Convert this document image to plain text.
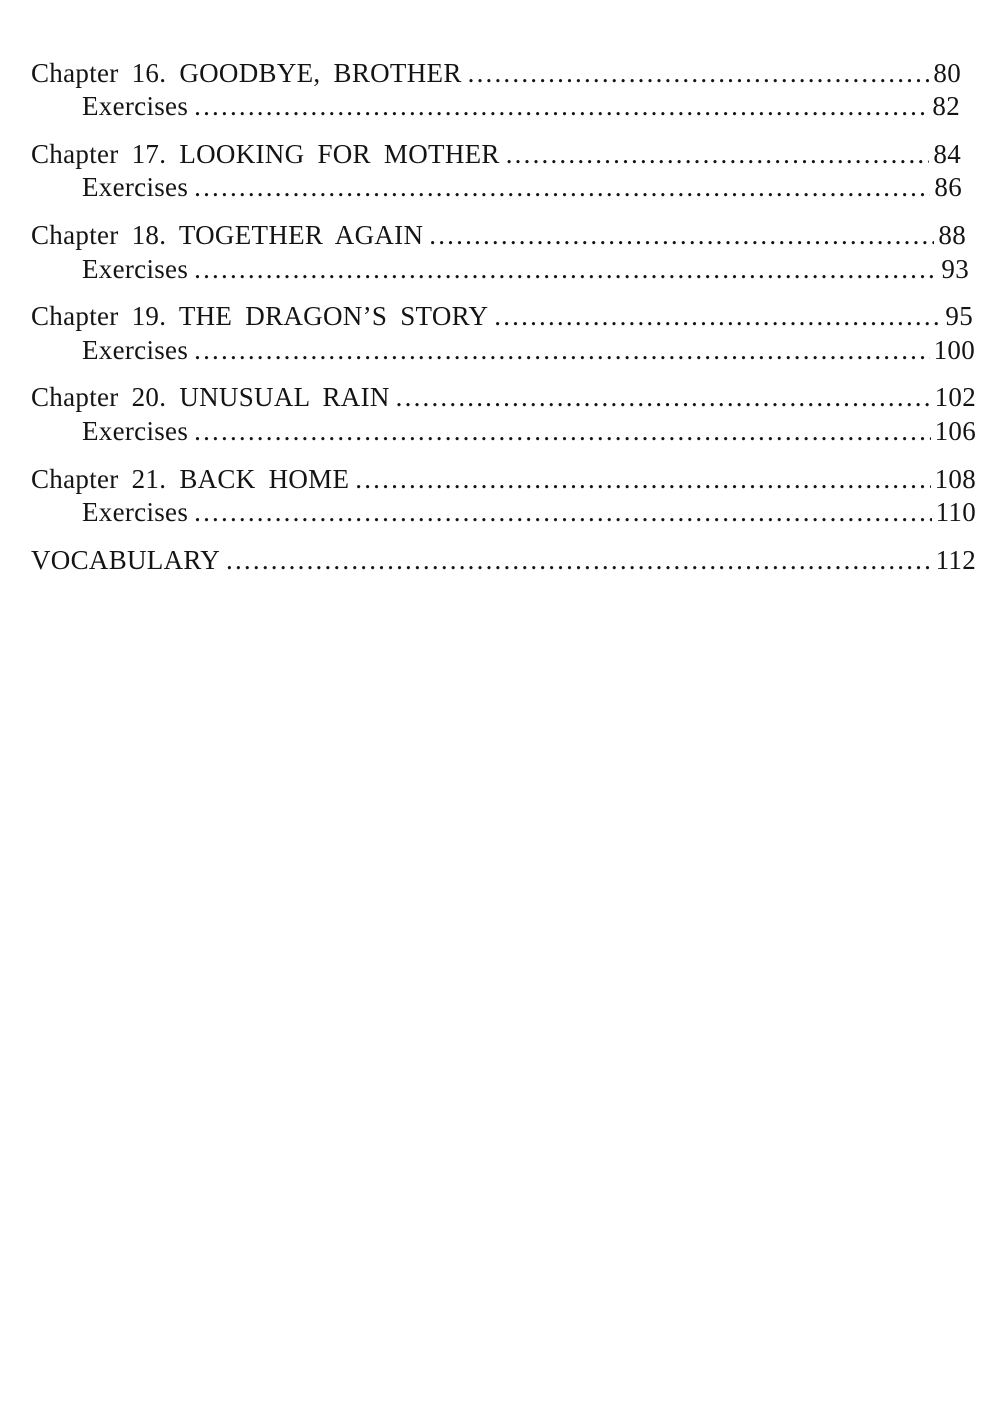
Chapter 16. GOODBYE, BROTHER .....	80
Exercises .....	82
Chapter 17. LOOKING FOR MOTHER .....	84
Exercises .....	86
Chapter 18. TOGETHER AGAIN .....	88
Exercises .....	93
Chapter 19. THE DRAGON’S STORY .....	95
Exercises .....	100
Chapter 20. UNUSUAL RAIN .....	102
Exercises .....	106
Chapter 21. BACK HOME .....	108
Exercises .....	110
VOCABULARY .....	112
